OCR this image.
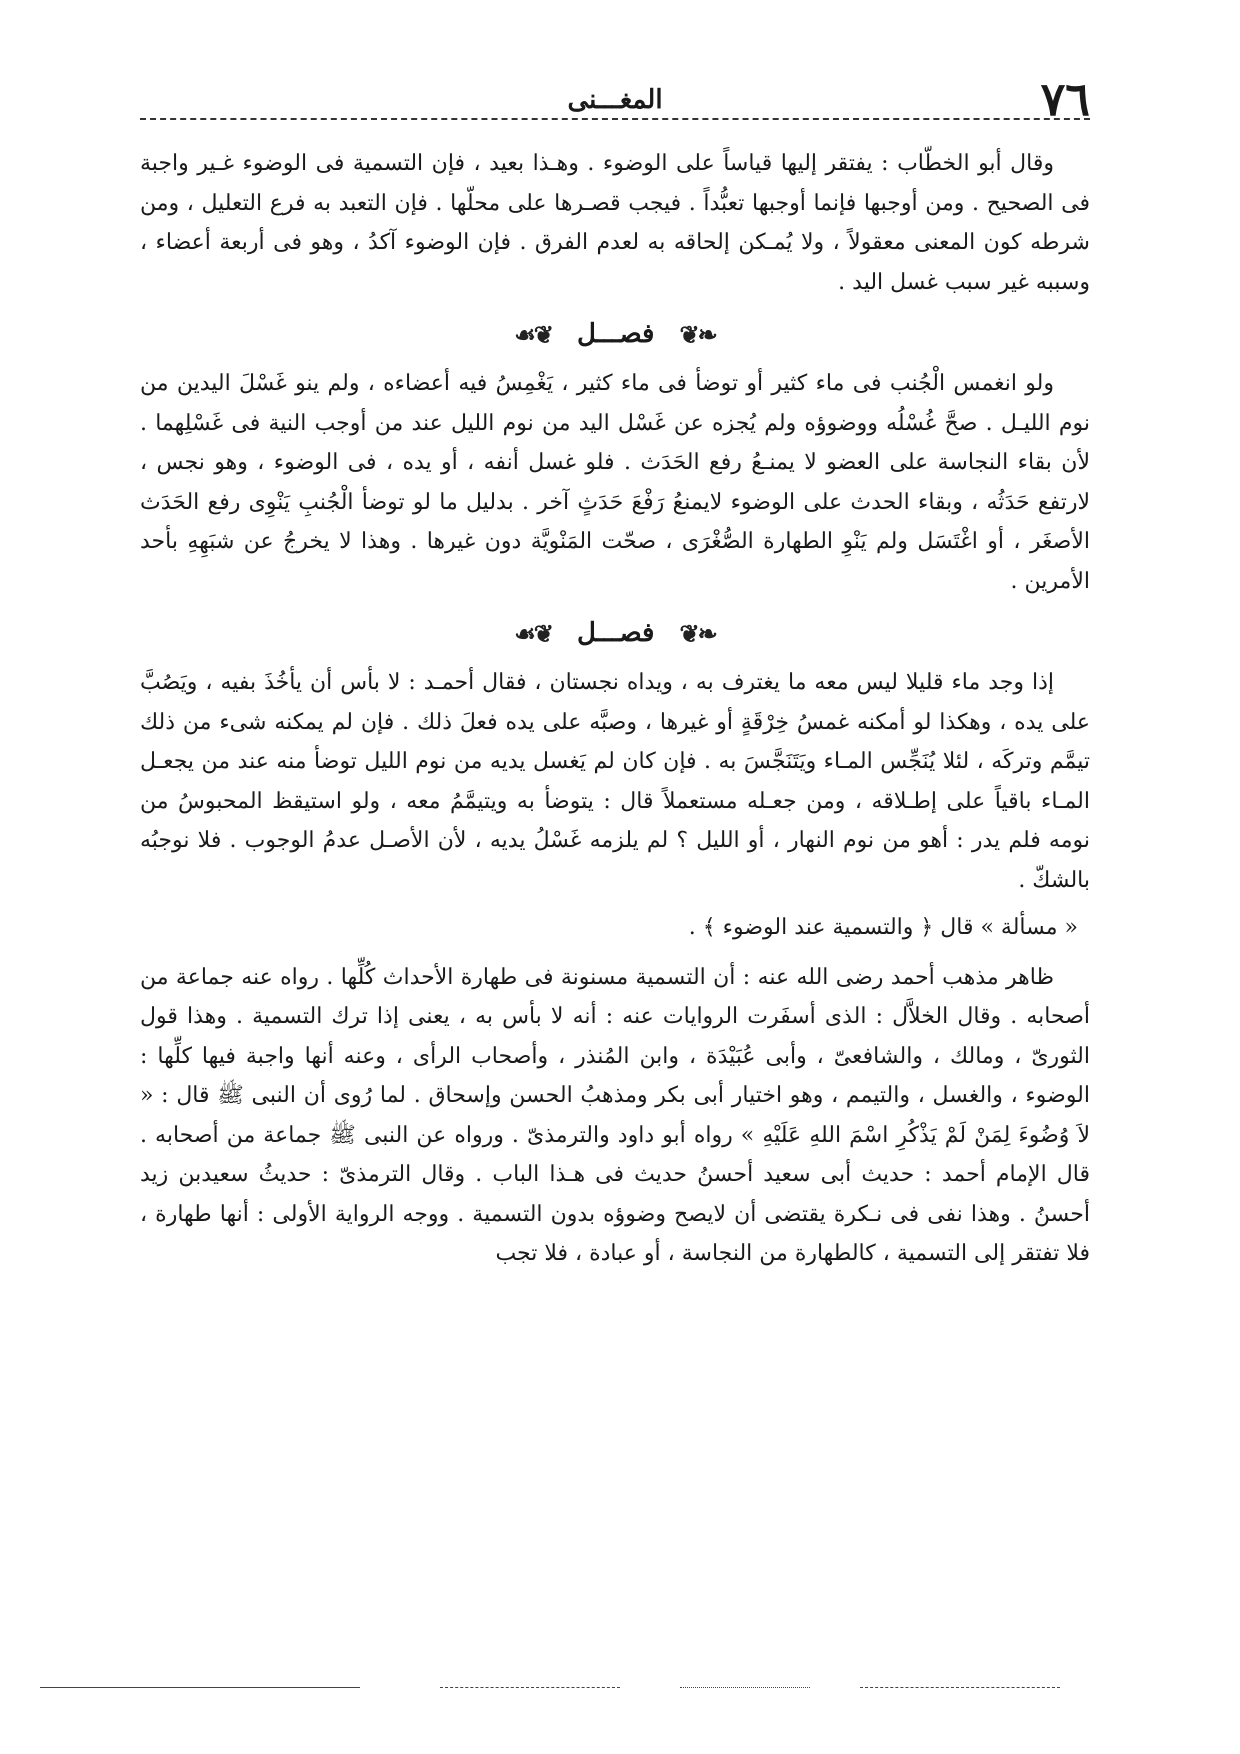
٧٦
المغـــنى

وقال أبو الخطّاب : يفتقر إليها قياساً على الوضوء . وهـذا بعيد ، فإن التسمية فى الوضوء غـير واجبة فى الصحيح . ومن أوجبها فإنما أوجبها تعبُّداً . فيجب قصـرها على محلّها . فإن التعبد به فرع التعليل ، ومن شرطه كون المعنى معقولاً ، ولا يُمـكن إلحاقه به لعدم الفرق . فإن الوضوء آكدُ ، وهو فى أربعة أعضاء ، وسببه غير سبب غسل اليد .

❧❦ فصـــل ❦☙

ولو انغمس الْجُنب فى ماء كثير أو توضأ فى ماء كثير ، يَغْمِسُ فيه أعضاءه ، ولم ينو غَسْلَ اليدين من نوم الليـل . صحَّ غُسْلُه ووضوؤه ولم يُجزه عن غَسْل اليد من نوم الليل عند من أوجب النية فى غَسْلِهما . لأن بقاء النجاسة على العضو لا يمنـعُ رفع الحَدَث . فلو غسل أنفه ، أو يده ، فى الوضوء ، وهو نجس ، لارتفع حَدَثُه ، وبقاء الحدث على الوضوء لايمنعُ رَفْعَ حَدَثٍ آخر . بدليل ما لو توضأ الْجُنبِ يَنْوِى رفع الحَدَث الأصغَر ، أو اغْتَسَل ولم يَنْوِ الطهارة الصُّغْرَى ، صحّت المَنْويَّة دون غيرها . وهذا لا يخرجُ عن شبَهِهِ بأحد الأمرين .

❧❦ فصـــل ❦☙

إذا وجد ماء قليلا ليس معه ما يغترف به ، ويداه نجستان ، فقال أحمـد : لا بأس أن يأخُذَ بفيه ، ويَصُبَّ على يده ، وهكذا لو أمكنه غمسُ خِرْقَةٍ أو غيرها ، وصبَّه على يده فعلَ ذلك . فإن لم يمكنه شىء من ذلك تيمَّم وتركَه ، لئلا يُنَجِّس المـاء ويَتَنَجَّسَ به . فإن كان لم يَغسل يديه من نوم الليل توضأ منه عند من يجعـل المـاء باقياً على إطـلاقه ، ومن جعـله مستعملاً قال : يتوضأ به ويتيمَّمُ معه ، ولو استيقظ المحبوسُ من نومه فلم يدر : أهو من نوم النهار ، أو الليل ؟ لم يلزمه غَسْلُ يديه ، لأن الأصـل عدمُ الوجوب . فلا نوجبُه بالشكّ .

« مسألة » قال ﴿ والتسمية عند الوضوء ﴾ .

ظاهر مذهب أحمد رضى الله عنه : أن التسمية مسنونة فى طهارة الأحداث كُلِّها . رواه عنه جماعة من أصحابه . وقال الخلاَّل : الذى أسفَرت الروايات عنه : أنه لا بأس به ، يعنى إذا ترك التسمية . وهذا قول الثورىّ ، ومالك ، والشافعىّ ، وأبى عُبَيْدَة ، وابن المُنذر ، وأصحاب الرأى ، وعنه أنها واجبة فيها كلِّها : الوضوء ، والغسل ، والتيمم ، وهو اختيار أبى بكر ومذهبُ الحسن وإسحاق . لما رُوى أن النبى ﷺ قال : « لاَ وُضُوءَ لِمَنْ لَمْ يَذْكُرِ اسْمَ اللهِ عَلَيْهِ » رواه أبو داود والترمذىّ . ورواه عن النبى ﷺ جماعة من أصحابه . قال الإمام أحمد : حديث أبى سعيد أحسنُ حديث فى هـذا الباب . وقال الترمذىّ : حديثُ سعيدبن زيد أحسنُ . وهذا نفى فى نـكرة يقتضى أن لايصح وضوؤه بدون التسمية . ووجه الرواية الأولى : أنها طهارة ، فلا تفتقر إلى التسمية ، كالطهارة من النجاسة ، أو عبادة ، فلا تجب
